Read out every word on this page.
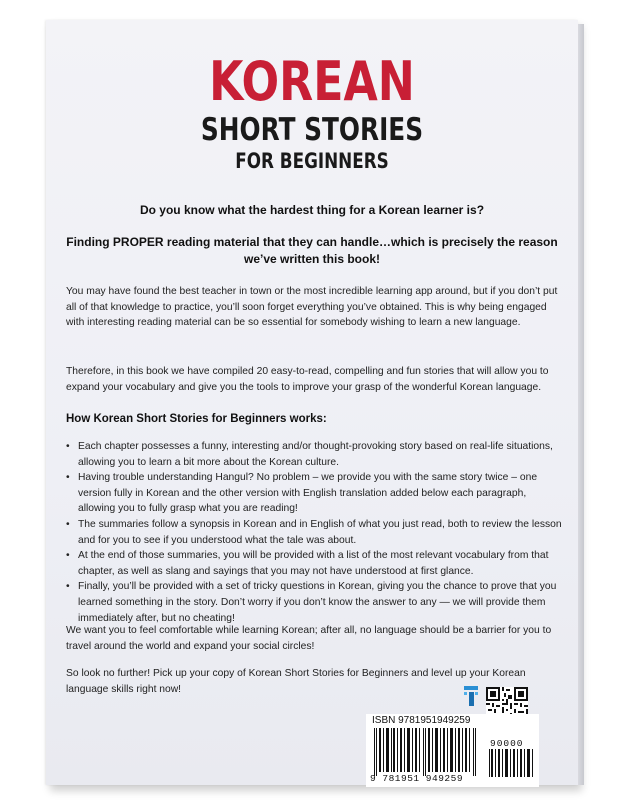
KOREAN
SHORT STORIES
FOR BEGINNERS
Do you know what the hardest thing for a Korean learner is?
Finding PROPER reading material that they can handle…which is precisely the reason we’ve written this book!
You may have found the best teacher in town or the most incredible learning app around, but if you don’t put all of that knowledge to practice, you’ll soon forget everything you’ve obtained. This is why being engaged with interesting reading material can be so essential for somebody wishing to learn a new language.
Therefore, in this book we have compiled 20 easy-to-read, compelling and fun stories that will allow you to expand your vocabulary and give you the tools to improve your grasp of the wonderful Korean language.
How Korean Short Stories for Beginners works:
• Each chapter possesses a funny, interesting and/or thought-provoking story based on real-life situations, allowing you to learn a bit more about the Korean culture.
• Having trouble understanding Hangul? No problem – we provide you with the same story twice – one version fully in Korean and the other version with English translation added below each paragraph, allowing you to fully grasp what you are reading!
• The summaries follow a synopsis in Korean and in English of what you just read, both to review the lesson and for you to see if you understood what the tale was about.
• At the end of those summaries, you will be provided with a list of the most relevant vocabulary from that chapter, as well as slang and sayings that you may not have understood at first glance.
• Finally, you’ll be provided with a set of tricky questions in Korean, giving you the chance to prove that you learned something in the story. Don’t worry if you don’t know the answer to any — we will provide them immediately after, but no cheating!
We want you to feel comfortable while learning Korean; after all, no language should be a barrier for you to travel around the world and expand your social circles!
So look no further! Pick up your copy of Korean Short Stories for Beginners and level up your Korean language skills right now!
ISBN 9781951949259
90000
9 781951 949259
